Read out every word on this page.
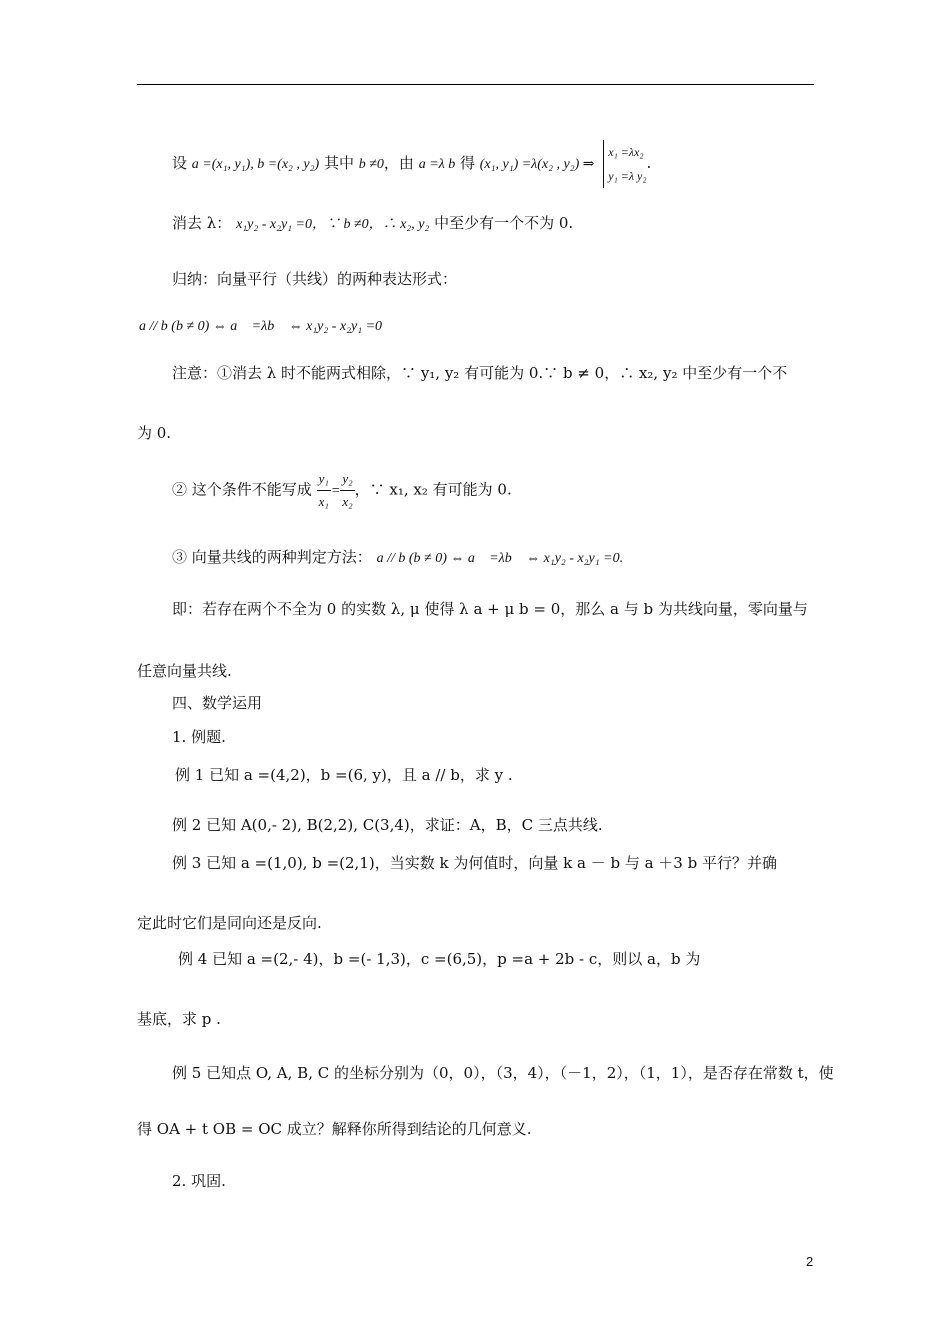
设 a =(x₁, y₁), b =(x₂ , y₂) 其中 b ≠0，由 a =λ b 得 (x₁, y₁) =λ(x₂ , y₂) ⇒
x₁ =λx₂
y₁ =λ y₂
.
消去 λ： x₁y₂ - x₂y₁ =0，∵ b ≠0，∴ x₂, y₂ 中至少有一个不为 0.
归纳：向量平行（共线）的两种表达形式：
a // b (b ≠ 0) ⇔ a⃗ =λb⃗ ⇔ x₁y₂ - x₂y₁ =0
注意：①消去 λ 时不能两式相除，∵ y₁, y₂ 有可能为 0.∵ b ≠ 0，∴ x₂, y₂ 中至少有一个不
为 0.
② 这个条件不能写成 $\frac{\text{y₁}}{\text{x₁}} = \frac{\text{y₂}}{\text{x₂}}$ ，∵ x₁, x₂ 有可能为 0.
③ 向量共线的两种判定方法： a // b (b ≠ 0) ⇔ a⃗ =λb⃗ ⇔ x₁y₂ - x₂y₁ =0.
即：若存在两个不全为 0 的实数 λ, μ 使得 λ a + μ b = 0，那么 a 与 b 为共线向量，零向量与
任意向量共线.
四、数学运用
1. 例题.
例 1 已知 a =(4,2)，b =(6, y)，且 a // b，求 y .
例 2 已知 A(0,- 2), B(2,2), C(3,4)，求证：A，B，C 三点共线.
例 3 已知 a =(1,0), b =(2,1)，当实数 k 为何值时，向量 k a － b 与 a ＋3 b 平行？并确
定此时它们是同向还是反向.
例 4 已知 a =(2,- 4)，b =(- 1,3)，c =(6,5)，p =a + 2b - c，则以 a，b 为
基底，求 p .
例 5 已知点 O, A, B, C 的坐标分别为（0，0），（3，4），（－1，2），（1，1），是否存在常数 t，使
得 OA + t OB = OC 成立？解释你所得到结论的几何意义.
2. 巩固.
2
